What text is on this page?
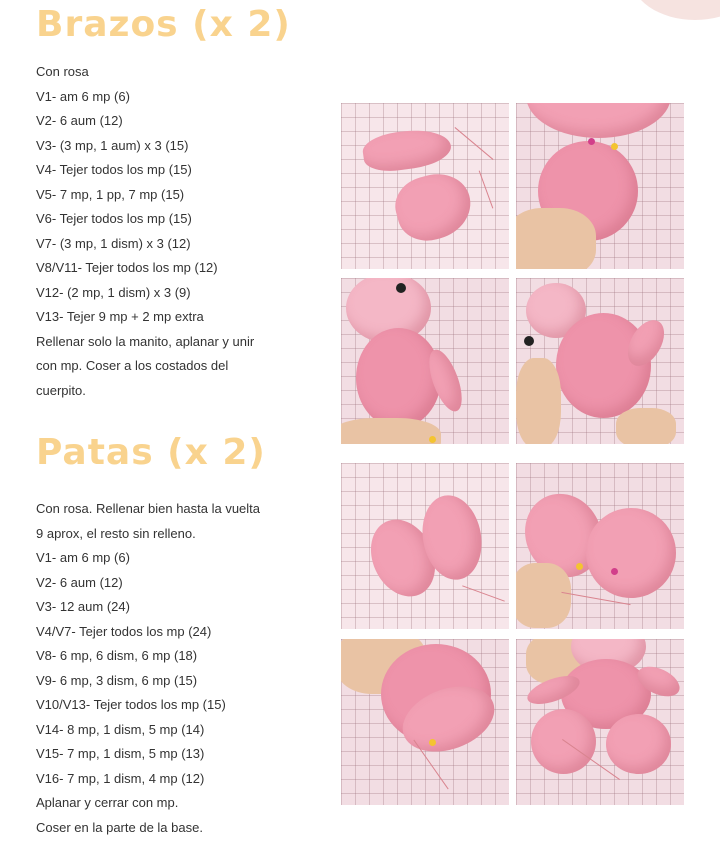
Brazos (x 2)
Con rosa
V1- am 6 mp (6)
V2- 6 aum (12)
V3- (3 mp, 1 aum) x 3 (15)
V4- Tejer todos los mp (15)
V5- 7 mp, 1 pp, 7 mp (15)
V6- Tejer todos los mp (15)
V7- (3 mp, 1 dism) x 3 (12)
V8/V11- Tejer todos los mp (12)
V12- (2 mp, 1 dism) x 3 (9)
V13- Tejer 9 mp + 2 mp extra
Rellenar solo la manito, aplanar y unir
con mp. Coser a los costados del
cuerpito.
Patas (x 2)
Con rosa. Rellenar bien hasta la vuelta
9 aprox, el resto sin relleno.
V1- am 6 mp (6)
V2- 6 aum (12)
V3- 12 aum (24)
V4/V7- Tejer todos los mp (24)
V8- 6 mp, 6 dism, 6 mp (18)
V9- 6 mp, 3 dism, 6 mp (15)
V10/V13- Tejer todos los mp (15)
V14- 8 mp, 1 dism, 5 mp (14)
V15- 7 mp, 1 dism, 5 mp (13)
V16- 7 mp, 1 dism, 4 mp (12)
Aplanar y cerrar con mp.
Coser en la parte de la base.
